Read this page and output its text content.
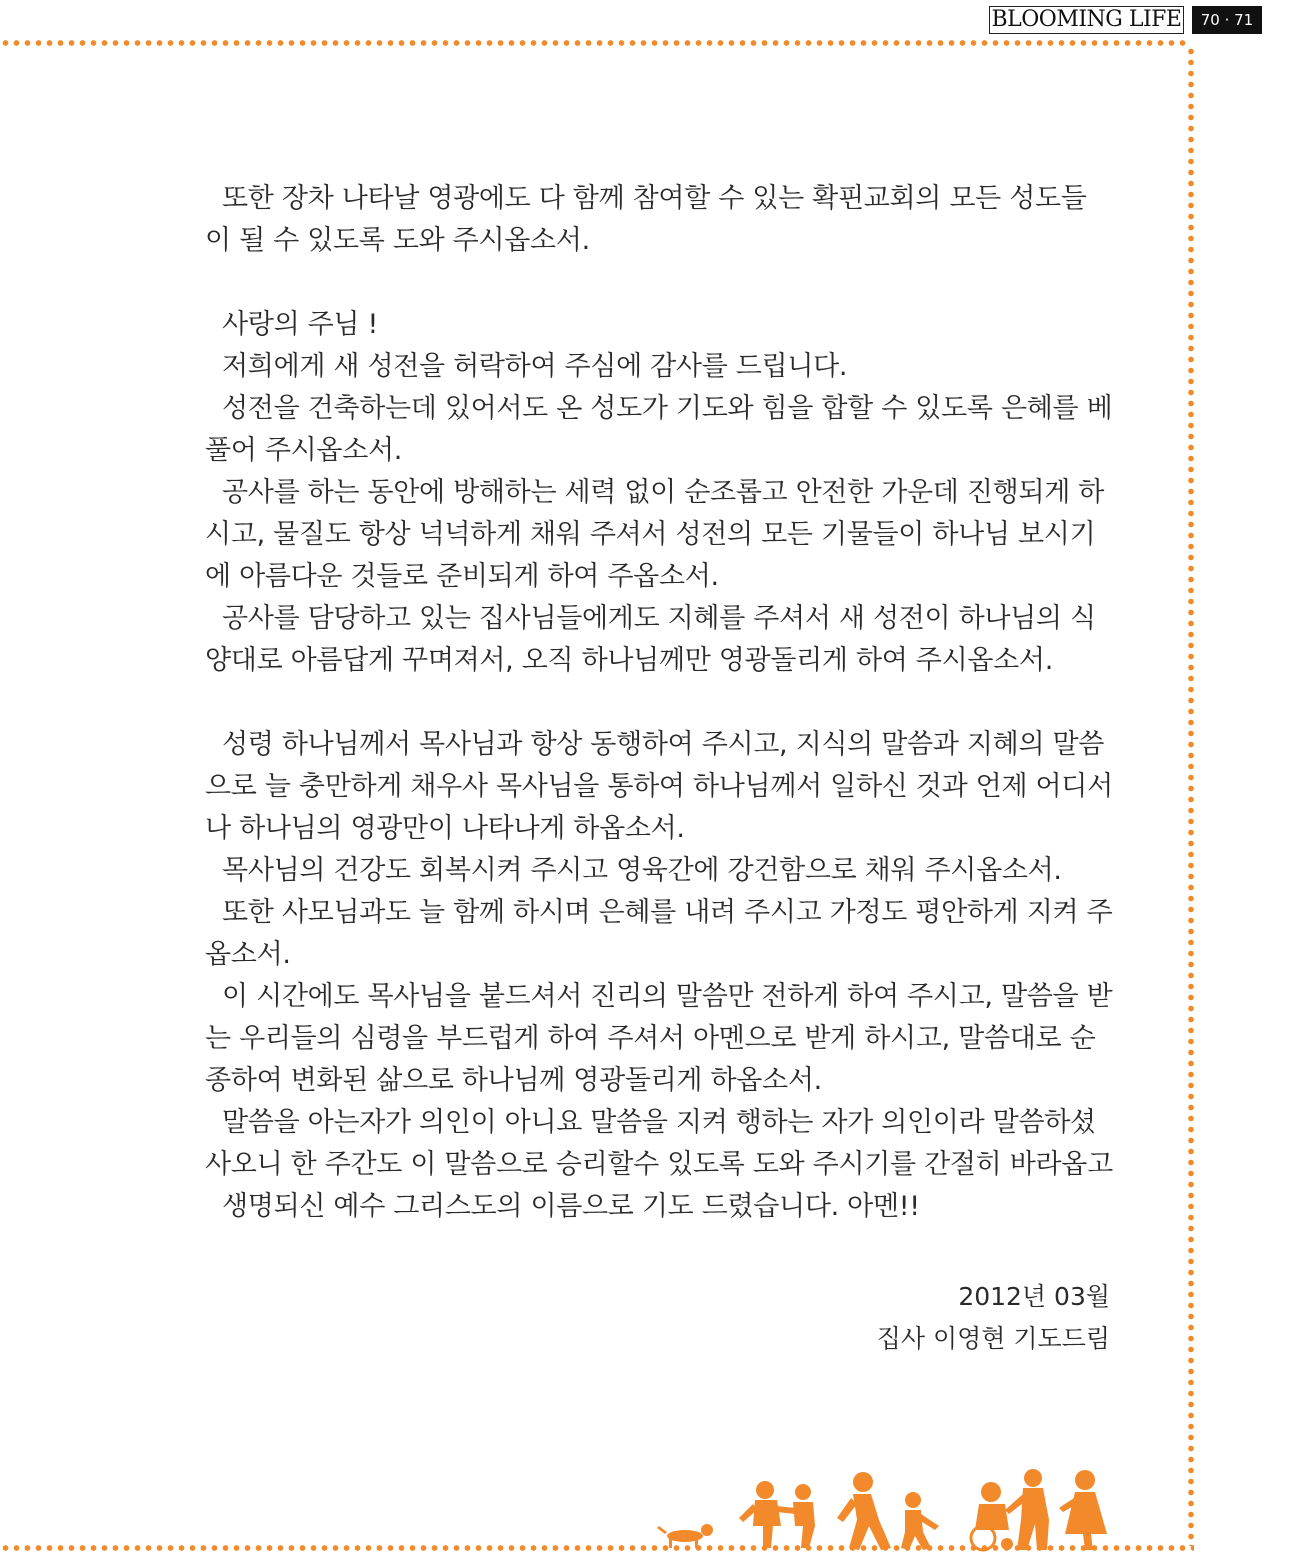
BLOOMING LIFE	70 · 71
또한 장차 나타날 영광에도 다 함께 참여할 수 있는 확핀교회의 모든 성도들
이 될 수 있도록 도와 주시옵소서.
사랑의 주님 !
저희에게 새 성전을 허락하여 주심에 감사를 드립니다.
성전을 건축하는데 있어서도 온 성도가 기도와 힘을 합할 수 있도록 은혜를 베
풀어 주시옵소서.
공사를 하는 동안에 방해하는 세력 없이 순조롭고 안전한 가운데 진행되게 하
시고, 물질도 항상 넉넉하게 채워 주셔서 성전의 모든 기물들이 하나님 보시기
에 아름다운 것들로 준비되게 하여 주옵소서.
공사를 담당하고 있는 집사님들에게도 지혜를 주셔서 새 성전이 하나님의 식
양대로 아름답게 꾸며져서, 오직 하나님께만 영광돌리게 하여 주시옵소서.
성령 하나님께서 목사님과 항상 동행하여 주시고, 지식의 말씀과 지혜의 말씀
으로 늘 충만하게 채우사 목사님을 통하여 하나님께서 일하신 것과 언제 어디서
나 하나님의 영광만이 나타나게 하옵소서.
목사님의 건강도 회복시켜 주시고 영육간에 강건함으로 채워 주시옵소서.
또한 사모님과도 늘 함께 하시며 은혜를 내려 주시고 가정도 평안하게 지켜 주
옵소서.
이 시간에도 목사님을 붙드셔서 진리의 말씀만 전하게 하여 주시고, 말씀을 받
는 우리들의 심령을 부드럽게 하여 주셔서 아멘으로 받게 하시고, 말씀대로 순
종하여 변화된 삶으로 하나님께 영광돌리게 하옵소서.
말씀을 아는자가 의인이 아니요 말씀을 지켜 행하는 자가 의인이라 말씀하셨
사오니 한 주간도 이 말씀으로 승리할수 있도록 도와 주시기를 간절히 바라옵고
생명되신 예수 그리스도의 이름으로 기도 드렸습니다. 아멘!!
2012년 03월
집사 이영현 기도드림
